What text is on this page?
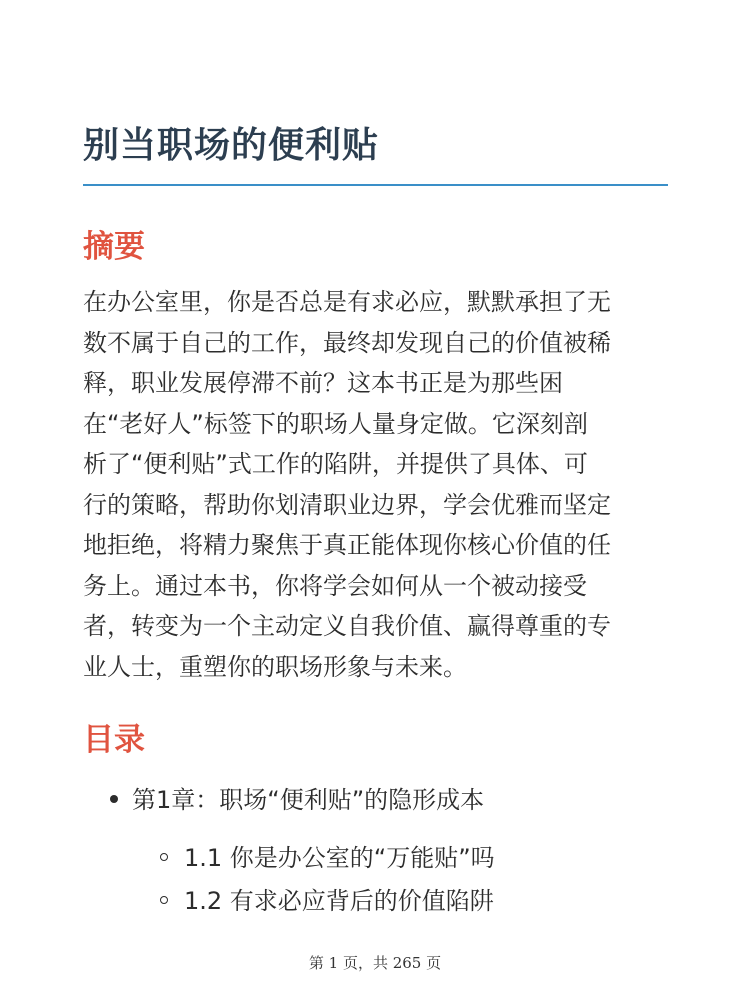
别当职场的便利贴
摘要

在办公室里，你是否总是有求必应，默默承担了无
数不属于自己的工作，最终却发现自己的价值被稀
释，职业发展停滞不前？这本书正是为那些困
在“老好人”标签下的职场人量身定做。它深刻剖
析了“便利贴”式工作的陷阱，并提供了具体、可
行的策略，帮助你划清职业边界，学会优雅而坚定
地拒绝，将精力聚焦于真正能体现你核心价值的任
务上。通过本书，你将学会如何从一个被动接受
者，转变为一个主动定义自我价值、赢得尊重的专
业人士，重塑你的职场形象与未来。

目录
第1章：职场“便利贴”的隐形成本
1.1 你是办公室的“万能贴”吗
1.2 有求必应背后的价值陷阱
第 1 页，共 265 页
